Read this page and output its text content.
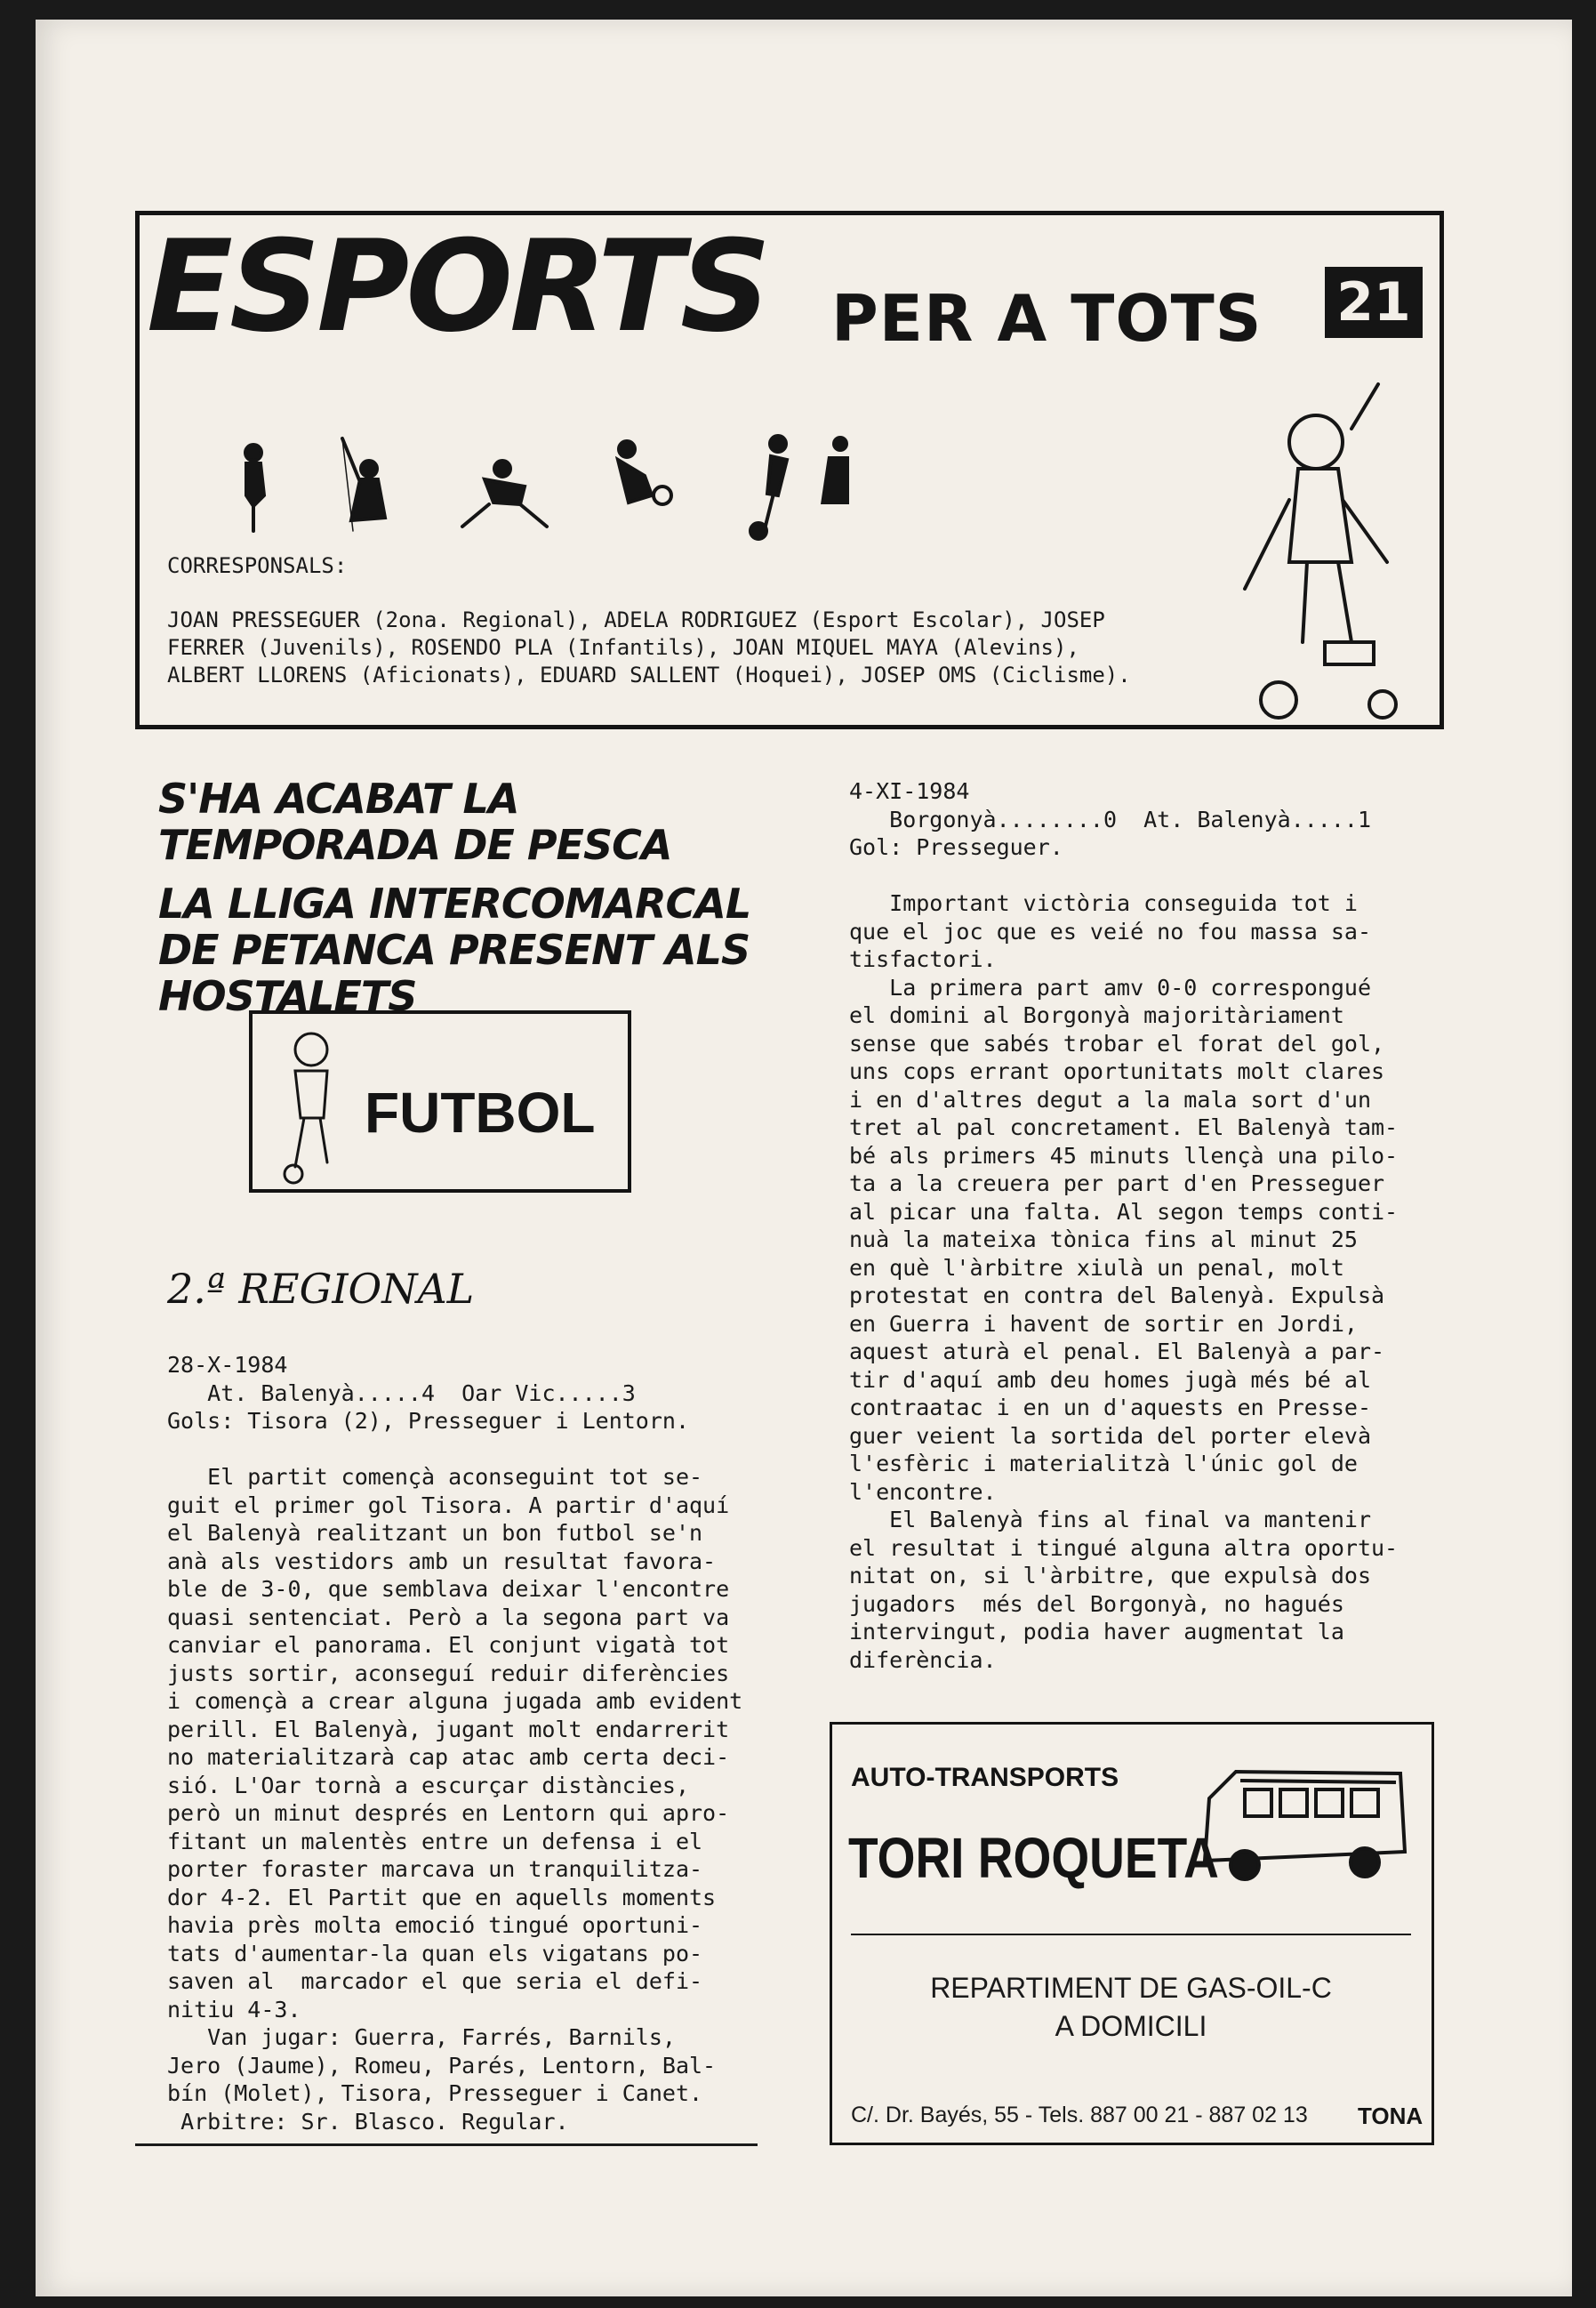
ESPORTS PER A TOTS 21
CORRESPONSALS:
JOAN PRESSEGUER (2ona. Regional), ADELA RODRIGUEZ (Esport Escolar), JOSEP FERRER (Juvenils), ROSENDO PLA (Infantils), JOAN MIQUEL MAYA (Alevins), ALBERT LLORENS (Aficionats), EDUARD SALLENT (Hoquei), JOSEP OMS (Ciclisme).
S'HA ACABAT LA TEMPORADA DE PESCA
LA LLIGA INTERCOMARCAL DE PETANCA PRESENT ALS HOSTALETS
FUTBOL
2.ª REGIONAL
28-X-1984
At. Balenyà.....4  Oar Vic.....3
Gols: Tisora (2), Presseguer i Lentorn.

El partit començà aconseguint tot se-
guit el primer gol Tisora. A partir d'aquí
el Balenyà realitzant un bon futbol se'n
anà als vestidors amb un resultat favora-
ble de 3-0, que semblava deixar l'encontre
quasi sentenciat. Però a la segona part va
canviar el panorama. El conjunt vigatà tot
justs sortir, aconseguí reduir diferències
i començà a crear alguna jugada amb evident
perill. El Balenyà, jugant molt endarrerit
no materialitzarà cap atac amb certa deci-
sió. L'Oar tornà a escurçar distàncies,
però un minut després en Lentorn qui apro-
fitant un malentès entre un defensa i el
porter foraster marcava un tranquilitza-
dor 4-2. El Partit que en aquells moments
havia près molta emoció tingué oportuni-
tats d'aumentar-la quan els vigatans po-
saven al  marcador el que seria el defi-
nitiu 4-3.
Van jugar: Guerra, Farrés, Barnils,
Jero (Jaume), Romeu, Parés, Lentorn, Bal-
bín (Molet), Tisora, Presseguer i Canet.
Arbitre: Sr. Blasco. Regular.
4-XI-1984
Borgonyà........0  At. Balenyà.....1
Gol: Presseguer.

Important victòria conseguida tot i
que el joc que es veié no fou massa sa-
tisfactori.
La primera part amv 0-0 correspongué
el domini al Borgonyà majoritàriament
sense que sabés trobar el forat del gol,
uns cops errant oportunitats molt clares
i en d'altres degut a la mala sort d'un
tret al pal concretament. El Balenyà tam-
bé als primers 45 minuts llençà una pilo-
ta a la creuera per part d'en Presseguer
al picar una falta. Al segon temps conti-
nuà la mateixa tònica fins al minut 25
en què l'àrbitre xiulà un penal, molt
protestat en contra del Balenyà. Expulsà
en Guerra i havent de sortir en Jordi,
aquest aturà el penal. El Balenyà a par-
tir d'aquí amb deu homes jugà més bé al
contraatac i en un d'aquests en Presse-
guer veient la sortida del porter elevà
l'esfèric i materialitzà l'únic gol de
l'encontre.
El Balenyà fins al final va mantenir
el resultat i tingué alguna altra oportu-
nitat on, si l'àrbitre, que expulsà dos
jugadors  més del Borgonyà, no hagués
intervingut, podia haver augmentat la
diferència.
AUTO-TRANSPORTS
TORI ROQUETA
REPARTIMENT DE GAS-OIL-C
A DOMICILI
C/. Dr. Bayés, 55 - Tels. 887 00 21 - 887 02 13 TONA
